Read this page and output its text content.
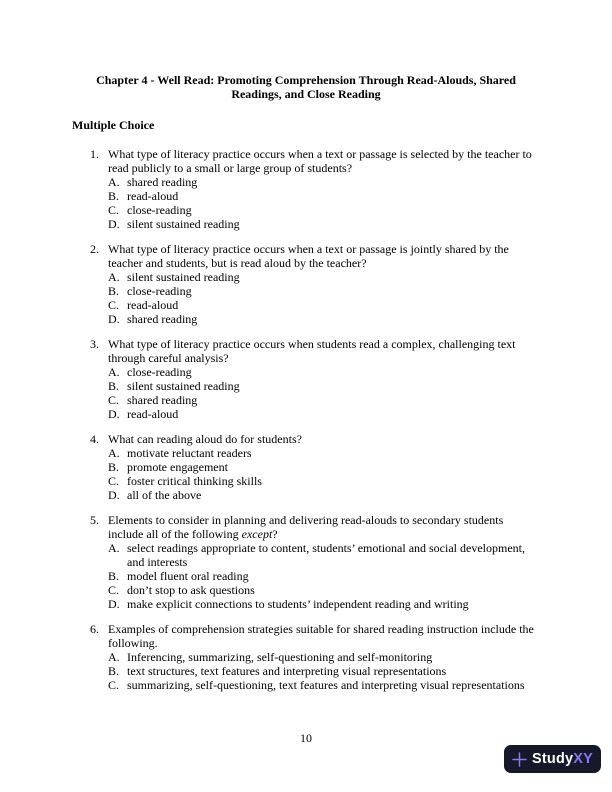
Chapter 4 - Well Read: Promoting Comprehension Through Read-Alouds, Shared Readings, and Close Reading
Multiple Choice
1. What type of literacy practice occurs when a text or passage is selected by the teacher to read publicly to a small or large group of students?
A. shared reading
B. read-aloud
C. close-reading
D. silent sustained reading
2. What type of literacy practice occurs when a text or passage is jointly shared by the teacher and students, but is read aloud by the teacher?
A. silent sustained reading
B. close-reading
C. read-aloud
D. shared reading
3. What type of literacy practice occurs when students read a complex, challenging text through careful analysis?
A. close-reading
B. silent sustained reading
C. shared reading
D. read-aloud
4. What can reading aloud do for students?
A. motivate reluctant readers
B. promote engagement
C. foster critical thinking skills
D. all of the above
5. Elements to consider in planning and delivering read-alouds to secondary students include all of the following except?
A. select readings appropriate to content, students’ emotional and social development, and interests
B. model fluent oral reading
C. don’t stop to ask questions
D. make explicit connections to students’ independent reading and writing
6. Examples of comprehension strategies suitable for shared reading instruction include the following.
A. Inferencing, summarizing, self-questioning and self-monitoring
B. text structures, text features and interpreting visual representations
C. summarizing, self-questioning, text features and interpreting visual representations
10
StudyXY
